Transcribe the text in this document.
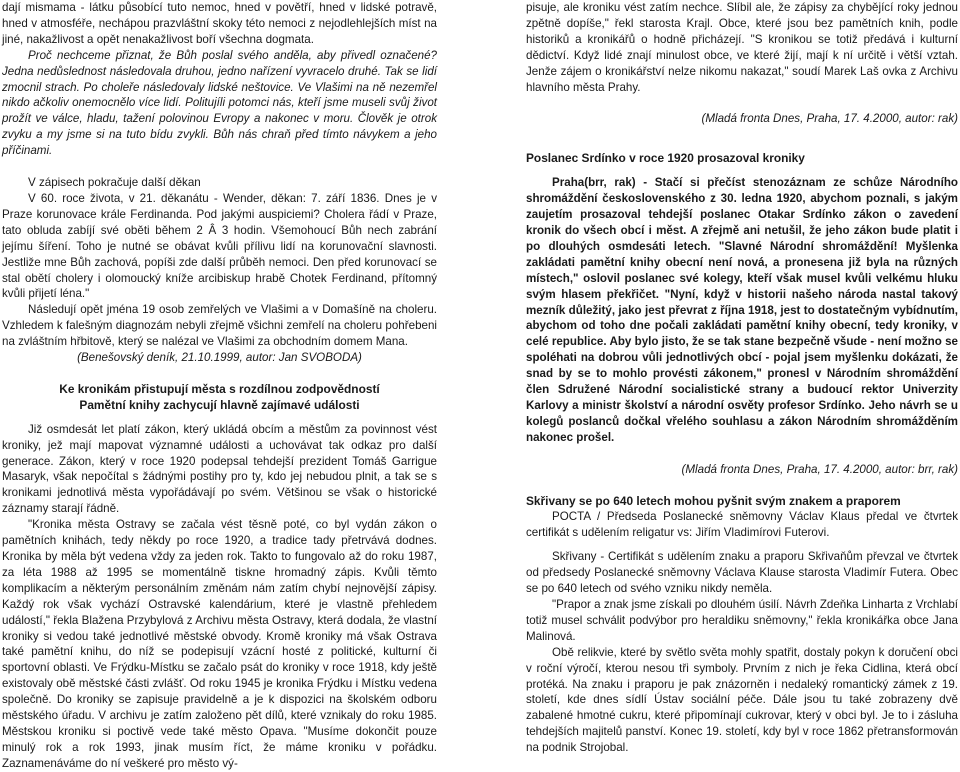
dají mismama - látku působící tuto nemoc, hned v povětří, hned v lidské potravě, hned v atmosféře, nechápou prazvláštní skoky této nemoci z nejodlehlejších míst na jiné, nakažlivost a opět nenakažlivost boří všechna dogmata.

Proč nechceme přiznat, že Bůh poslal svého anděla, aby přivedl označené? Jedna nedůslednost následovala druhou, jedno nařízení vyvracelo druhé. Tak se lidí zmocnil strach. Po choleře následovaly lidské neštovice. Ve Vlašimi na ně nezemřel nikdo ačkoliv onemocnělo více lidí. Politujíli potomci nás, kteří jsme museli svůj život prožít ve válce, hladu, tažení polovinou Evropy a nakonec v moru. Člověk je otrok zvyku a my jsme si na tuto bídu zvykli. Bůh nás chraň před tímto návykem a jeho příčinami.

V zápisech pokračuje další děkan

V 60. roce života, v 21. děkanátu - Wender, děkan: 7. září 1836. Dnes je v Praze korunovace krále Ferdinanda. Pod jakými auspiciemi? Cholera řádí v Praze, tato obluda zabíjí své oběti během 2 Â 3 hodin. Všemohoucí Bůh nech zabrání jejímu šíření. Toho je nutné se obávat kvůli přílivu lidí na korunovační slavnosti. Jestliže mne Bůh zachová, popíši zde další průběh nemoci. Den před korunovací se stal obětí cholery i olomoucký kníže arcibiskup hrabě Chotek Ferdinand, přítomný kvůli přijetí léna."

Následují opět jména 19 osob zemřelých ve Vlašimi a v Domašíně na choleru. Vzhledem k falešným diagnozám nebyli zřejmě všichni zemřelí na choleru pohřebeni na zvláštním hřbitově, který se nalézal ve Vlašimi za obchodním domem Mana.

(Benešovský deník, 21.10.1999, autor: Jan SVOBODA)

Ke kronikám přistupují města s rozdílnou zodpovědností

Pamětní knihy zachycují hlavně zajímavé události

Již osmdesát let platí zákon, který ukládá obcím a městům za povinnost vést kroniky, jež mají mapovat významné události a uchovávat tak odkaz pro další generace. Zákon, který v roce 1920 podepsal tehdejší prezident Tomáš Garrigue Masaryk, však nepočítal s žádnými postihy pro ty, kdo jej nebudou plnit, a tak se s kronikami jednotlivá města vypořádávají po svém. Většinou se však o historické záznamy starají řádně.

"Kronika města Ostravy se začala vést těsně poté, co byl vydán zákon o pamětních knihách, tedy někdy po roce 1920, a tradice tady přetrvává dodnes. Kronika by měla být vedena vždy za jeden rok. Takto to fungovalo až do roku 1987, za léta 1988 až 1995 se momentálně tiskne hromadný zápis. Kvůli těmto komplikacím a některým personálním změnám nám zatím chybí nejnovější zápisy. Každý rok však vychází Ostravské kalendárium, které je vlastně přehledem událostí," řekla Blažena Przybylová z Archivu města Ostravy, která dodala, že vlastní kroniky si vedou také jednotlivé městské obvody. Kromě kroniky má však Ostrava také pamětní knihu, do níž se podepisují vzácní hosté z politické, kulturní či sportovní oblasti. Ve Frýdku-Místku se začalo psát do kroniky v roce 1918, kdy ještě existovaly obě městské části zvlášť. Od roku 1945 je kronika Frýdku i Místku vedena společně. Do kroniky se zapisuje pravidelně a je k dispozici na školském odboru městského úřadu. V archivu je zatím založeno pět dílů, které vznikaly do roku 1985. Městskou kroniku si poctivě vede také město Opava. "Musíme dokončit pouze minulý rok a rok 1993, jinak musím říct, že máme kroniku v pořádku. Zaznamenáváme do ní veškeré pro město vý-

pisuje, ale kroniku vést zatím nechce. Slíbil ale, že zápisy za chybějící roky jednou zpětně dopíše," řekl starosta Krajl. Obce, které jsou bez pamětních knih, podle historiků a kronikářů o hodně přicházejí. "S kronikou se totiž předává i kulturní dědictví. Když lidé znají minulost obce, ve které žijí, mají k ní určitě i větší vztah. Jenže zájem o kronikářství nelze nikomu nakazat," soudí Marek Laš ovka z Archivu hlavního města Prahy.

(Mladá fronta Dnes, Praha, 17. 4.2000, autor: rak)

Poslanec Srdínko v roce 1920 prosazoval kroniky

Praha(brr, rak) - Stačí si přečíst stenozáznam ze schůze Národního shromáždění československého z 30. ledna 1920, abychom poznali, s jakým zaujetím prosazoval tehdejší poslanec Otakar Srdínko zákon o zavedení kronik do všech obcí i měst. A zřejmě ani netušil, že jeho zákon bude platit i po dlouhých osmdesáti letech. "Slavné Národní shromáždění! Myšlenka zakládati pamětní knihy obecní není nová, a pronesena již byla na různých místech," oslovil poslanec své kolegy, kteří však musel kvůli velkému hluku svým hlasem překřičet. "Nyní, když v historii našeho národa nastal takový mezník důležitý, jako jest převrat z října 1918, jest to dostatečným vybídnutím, abychom od toho dne počali zakládati pamětní knihy obecní, tedy kroniky, v celé republice. Aby bylo jisto, že se tak stane bezpečně všude - není možno se spoléhati na dobrou vůli jednotlivých obcí - pojal jsem myšlenku dokázati, že snad by se to mohlo provésti zákonem," pronesl v Národním shromáždění člen Sdružené Národní socialistické strany a budoucí rektor Univerzity Karlovy a ministr školství a národní osvěty profesor Srdínko. Jeho návrh se u kolegů poslanců dočkal vřelého souhlasu a zákon Národním shromážděním nakonec prošel.

(Mladá fronta Dnes, Praha, 17. 4.2000, autor: brr, rak)

Skřivany se po 640 letech mohou pyšnit svým znakem a praporem

POCTA / Předseda Poslanecké sněmovny Václav Klaus předal ve čtvrtek certifikát s udělením religatur vs: Jiřím Vladimírovi Futerovi.

Skřivany - Certifikát s udělením znaku a praporu Skřivaňům převzal ve čtvrtek od předsedy Poslanecké sněmovny Václava Klause starosta Vladimír Futera. Obec se po 640 letech od svého vzniku nikdy neměla.

"Prapor a znak jsme získali po dlouhém úsilí. Návrh Zdeňka Linharta z Vrchlabí totiž musel schválit podvýbor pro heraldiku sněmovny," řekla kronikářka obce Jana Malinová.

Obě relikvie, které by světlo světa mohly spatřit, dostaly pokyn k doručení obci v roční výročí, kterou nesou tři symboly. Prvním z nich je řeka Cidlina, která obcí protéká. Na znaku i praporu je pak znázorněn i nedaleký romantický zámek z 19. století, kde dnes sídlí Ústav sociální péče. Dále jsou tu také zobrazeny dvě zabalené hmotné cukru, které připomínají cukrovar, který v obci byl. Je to i zásluha tehdejších majitelů panství. Konec 19. století, kdy byl v roce 1862 přetransformován na podnik Strojobal.
